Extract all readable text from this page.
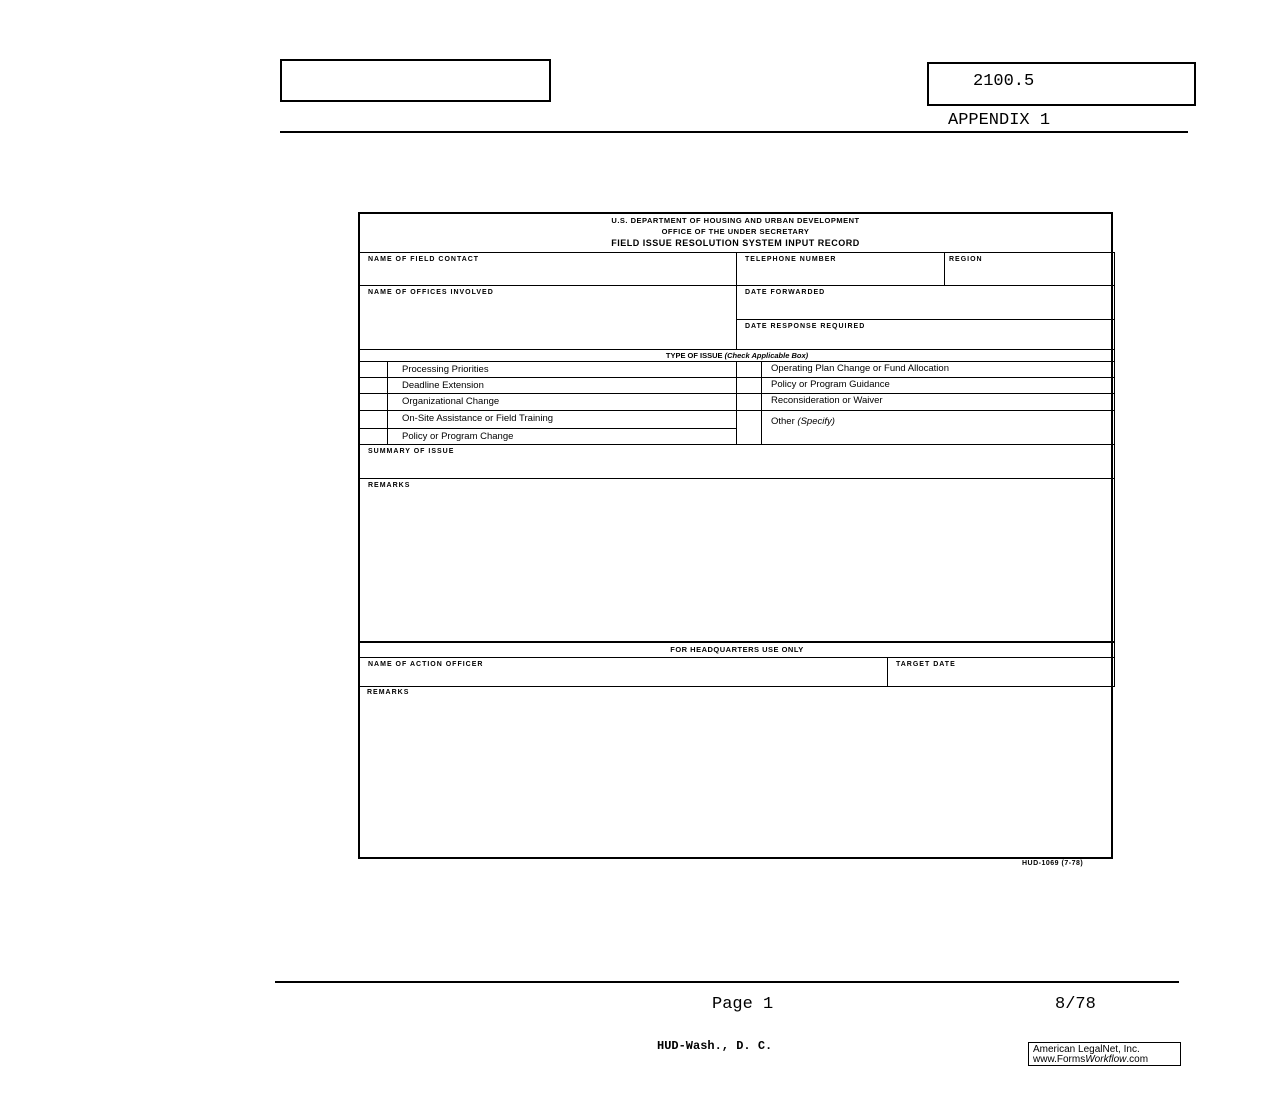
2100.5
APPENDIX 1
U.S. DEPARTMENT OF HOUSING AND URBAN DEVELOPMENT
OFFICE OF THE UNDER SECRETARY
FIELD ISSUE RESOLUTION SYSTEM INPUT RECORD
NAME OF FIELD CONTACT	TELEPHONE NUMBER	REGION
NAME OF OFFICES INVOLVED	DATE FORWARDED
DATE RESPONSE REQUIRED
TYPE OF ISSUE (Check Applicable Box)
Processing Priorities
Deadline Extension
Organizational Change
On-Site Assistance or Field Training
Policy or Program Change
Operating Plan Change or Fund Allocation
Policy or Program Guidance
Reconsideration or Waiver
Other (Specify)
SUMMARY OF ISSUE
REMARKS
FOR HEADQUARTERS USE ONLY
NAME OF ACTION OFFICER	TARGET DATE
REMARKS
HUD-1069 (7-78)
Page 1	8/78
HUD-Wash., D. C.	American LegalNet, Inc.
www.FormsWorkflow.com
